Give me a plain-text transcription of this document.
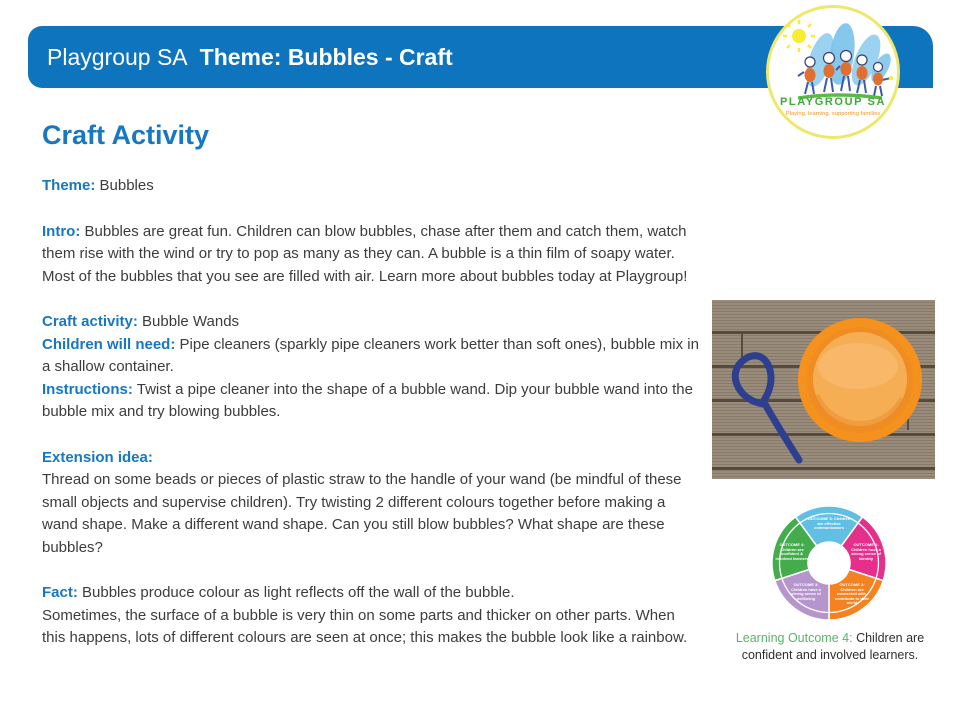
Playgroup SA Theme: Bubbles - Craft
PLAYGROUP SA
Playing, learning, supporting families
Craft Activity

Theme: Bubbles

Intro: Bubbles are great fun. Children can blow bubbles, chase after them and catch them, watch them rise with the wind or try to pop as many as they can. A bubble is a thin film of soapy water. Most of the bubbles that you see are filled with air. Learn more about bubbles today at Playgroup!

Craft activity: Bubble Wands

Children will need: Pipe cleaners (sparkly pipe cleaners work better than soft ones), bubble mix in a shallow container.

Instructions: Twist a pipe cleaner into the shape of a bubble wand. Dip your bubble wand into the bubble mix and try blowing bubbles.

Extension idea:

Thread on some beads or pieces of plastic straw to the handle of your wand (be mindful of these small objects and supervise children). Try twisting 2 different colours together before making a wand shape. Make a different wand shape. Can you still blow bubbles? What shape are these bubbles?

Fact: Bubbles produce colour as light reflects off the wall of the bubble.

Sometimes, the surface of a bubble is very thin on some parts and thicker on other parts. When this happens, lots of different colours are seen at once; this makes the bubble look like a rainbow.

OUTCOME 5: Children are effective communicators
OUTCOME 1: Children have a strong sense of identity
OUTCOME 2: Children are connected with, contribute to their world
OUTCOME 3: Children have a strong sense of wellbeing
OUTCOME 4: Children are confident & involved learners
Learning Outcome 4: Children are confident and involved learners.
